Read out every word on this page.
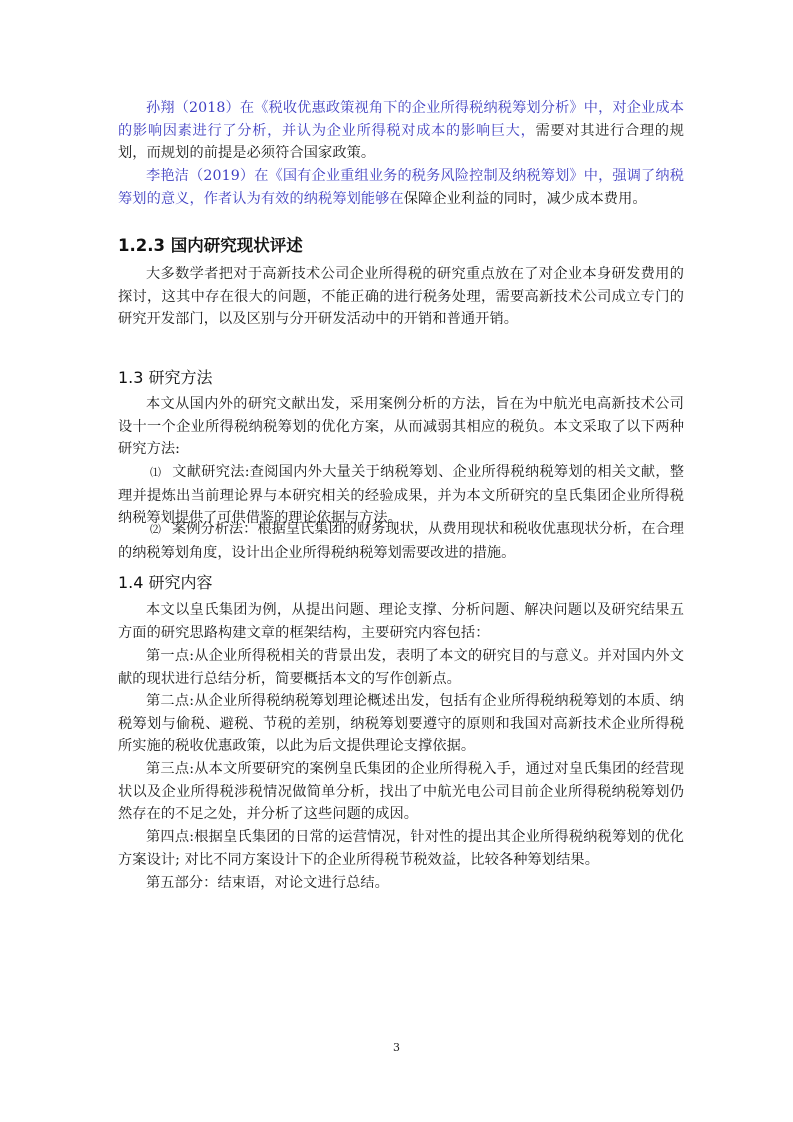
孙翔（2018）在《税收优惠政策视角下的企业所得税纳税筹划分析》中，对企业成本的影响因素进行了分析，并认为企业所得税对成本的影响巨大，需要对其进行合理的规划，而规划的前提是必须符合国家政策。

李艳洁（2019）在《国有企业重组业务的税务风险控制及纳税筹划》中，强调了纳税筹划的意义，作者认为有效的纳税筹划能够在保障企业利益的同时，减少成本费用。

1.2.3 国内研究现状评述

大多数学者把对于高新技术公司企业所得税的研究重点放在了对企业本身研发费用的探讨，这其中存在很大的问题，不能正确的进行税务处理，需要高新技术公司成立专门的研究开发部门，以及区别与分开研发活动中的开销和普通开销。

1.3 研究方法

本文从国内外的研究文献出发，采用案例分析的方法，旨在为中航光电高新技术公司设十一个企业所得税纳税筹划的优化方案，从而减弱其相应的税负。本文采取了以下两种研究方法:

⑴ 文献研究法:查阅国内外大量关于纳税筹划、企业所得税纳税筹划的相关文献，整理并提炼出当前理论界与本研究相关的经验成果，并为本文所研究的皇氏集团企业所得税纳税筹划提供了可供借鉴的理论依据与方法。

⑵ 案例分析法：根据皇氏集团的财务现状，从费用现状和税收优惠现状分析，在合理的纳税筹划角度，设计出企业所得税纳税筹划需要改进的措施。

1.4 研究内容

本文以皇氏集团为例，从提出问题、理论支撑、分析问题、解决问题以及研究结果五方面的研究思路构建文章的框架结构，主要研究内容包括：

第一点:从企业所得税相关的背景出发，表明了本文的研究目的与意义。并对国内外文献的现状进行总结分析，简要概括本文的写作创新点。

第二点:从企业所得税纳税筹划理论概述出发，包括有企业所得税纳税筹划的本质、纳税筹划与偷税、避税、节税的差别，纳税筹划要遵守的原则和我国对高新技术企业所得税所实施的税收优惠政策，以此为后文提供理论支撑依据。

第三点:从本文所要研究的案例皇氏集团的企业所得税入手，通过对皇氏集团的经营现状以及企业所得税涉税情况做简单分析，找出了中航光电公司目前企业所得税纳税筹划仍然存在的不足之处，并分析了这些问题的成因。

第四点:根据皇氏集团的日常的运营情况，针对性的提出其企业所得税纳税筹划的优化方案设计; 对比不同方案设计下的企业所得税节税效益，比较各种筹划结果。

第五部分：结束语，对论文进行总结。

3
